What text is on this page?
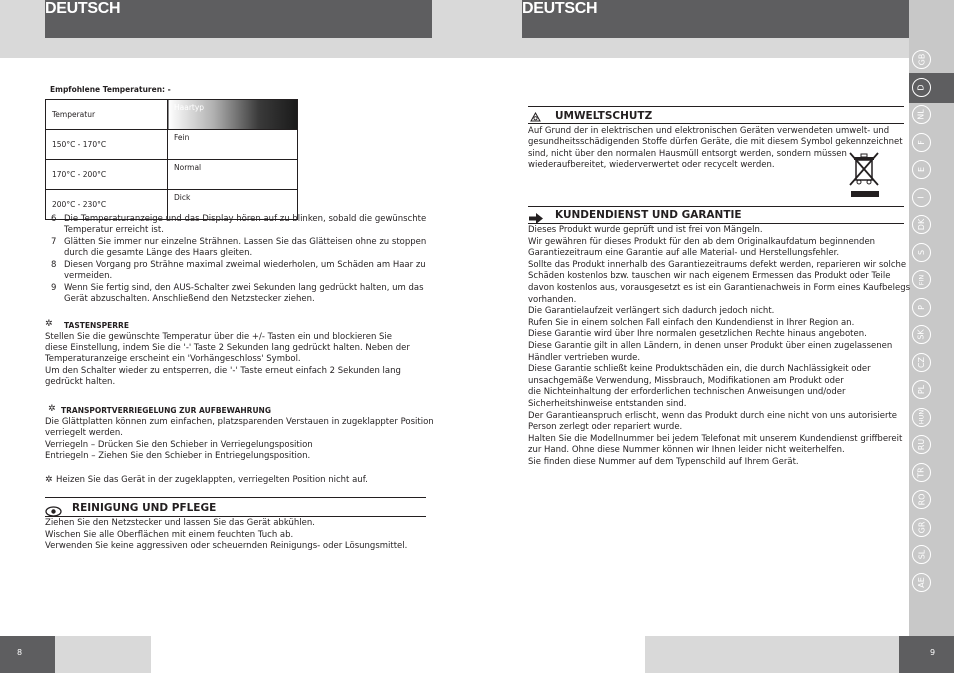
DEUTSCH	DEUTSCH
GB
D
NL
F
E
I
DK
S
FIN
P
SK
CZ
PL
HUN
RU
TR
RO
GR
SL
AE
Empfohlene Temperaturen: -
Temperatur	Haartyp
150°C - 170°C	Fein
170°C - 200°C	Normal
200°C - 230°C	Dick
6 Die Temperaturanzeige und das Display hören auf zu blinken, sobald die gewünschte
Temperatur erreicht ist.
7 Glätten Sie immer nur einzelne Strähnen. Lassen Sie das Glätteisen ohne zu stoppen
durch die gesamte Länge des Haars gleiten.
8 Diesen Vorgang pro Strähne maximal zweimal wiederholen, um Schäden am Haar zu
vermeiden.
9 Wenn Sie fertig sind, den AUS-Schalter zwei Sekunden lang gedrückt halten, um das
Gerät abzuschalten. Anschließend den Netzstecker ziehen.
✲ TASTENSPERRE
Stellen Sie die gewünschte Temperatur über die +/- Tasten ein und blockieren Sie
diese Einstellung, indem Sie die '-' Taste 2 Sekunden lang gedrückt halten. Neben der
Temperaturanzeige erscheint ein 'Vorhängeschloss' Symbol.
Um den Schalter wieder zu entsperren, die '-' Taste erneut einfach 2 Sekunden lang
gedrückt halten.
✲ TRANSPORTVERRIEGELUNG ZUR AUFBEWAHRUNG
Die Glättplatten können zum einfachen, platzsparenden Verstauen in zugeklappter Position
verriegelt werden.
Verriegeln – Drücken Sie den Schieber in Verriegelungsposition
Entriegeln – Ziehen Sie den Schieber in Entriegelungsposition.
✲ Heizen Sie das Gerät in der zugeklappten, verriegelten Position nicht auf.
REINIGUNG UND PFLEGE
Ziehen Sie den Netzstecker und lassen Sie das Gerät abkühlen.
Wischen Sie alle Oberflächen mit einem feuchten Tuch ab.
Verwenden Sie keine aggressiven oder scheuernden Reinigungs- oder Lösungsmittel.
UMWELTSCHUTZ
Auf Grund der in elektrischen und elektronischen Geräten verwendeten umwelt- und
gesundheitsschädigenden Stoffe dürfen Geräte, die mit diesem Symbol gekennzeichnet
sind, nicht über den normalen Hausmüll entsorgt werden, sondern müssen
wiederaufbereitet, wiederverwertet oder recycelt werden.
KUNDENDIENST UND GARANTIE
Dieses Produkt wurde geprüft und ist frei von Mängeln.
Wir gewähren für dieses Produkt für den ab dem Originalkaufdatum beginnenden
Garantiezeitraum eine Garantie auf alle Material- und Herstellungsfehler.
Sollte das Produkt innerhalb des Garantiezeitraums defekt werden, reparieren wir solche
Schäden kostenlos bzw. tauschen wir nach eigenem Ermessen das Produkt oder Teile
davon kostenlos aus, vorausgesetzt es ist ein Garantienachweis in Form eines Kaufbelegs
vorhanden.
Die Garantielaufzeit verlängert sich dadurch jedoch nicht.
Rufen Sie in einem solchen Fall einfach den Kundendienst in Ihrer Region an.
Diese Garantie wird über Ihre normalen gesetzlichen Rechte hinaus angeboten.
Diese Garantie gilt in allen Ländern, in denen unser Produkt über einen zugelassenen
Händler vertrieben wurde.
Diese Garantie schließt keine Produktschäden ein, die durch Nachlässigkeit oder
unsachgemäße Verwendung, Missbrauch, Modifikationen am Produkt oder
die Nichteinhaltung der erforderlichen technischen Anweisungen und/oder
Sicherheitshinweise entstanden sind.
Der Garantieanspruch erlischt, wenn das Produkt durch eine nicht von uns autorisierte
Person zerlegt oder repariert wurde.
Halten Sie die Modellnummer bei jedem Telefonat mit unserem Kundendienst griffbereit
zur Hand. Ohne diese Nummer können wir Ihnen leider nicht weiterhelfen.
Sie finden diese Nummer auf dem Typenschild auf Ihrem Gerät.
8	9
